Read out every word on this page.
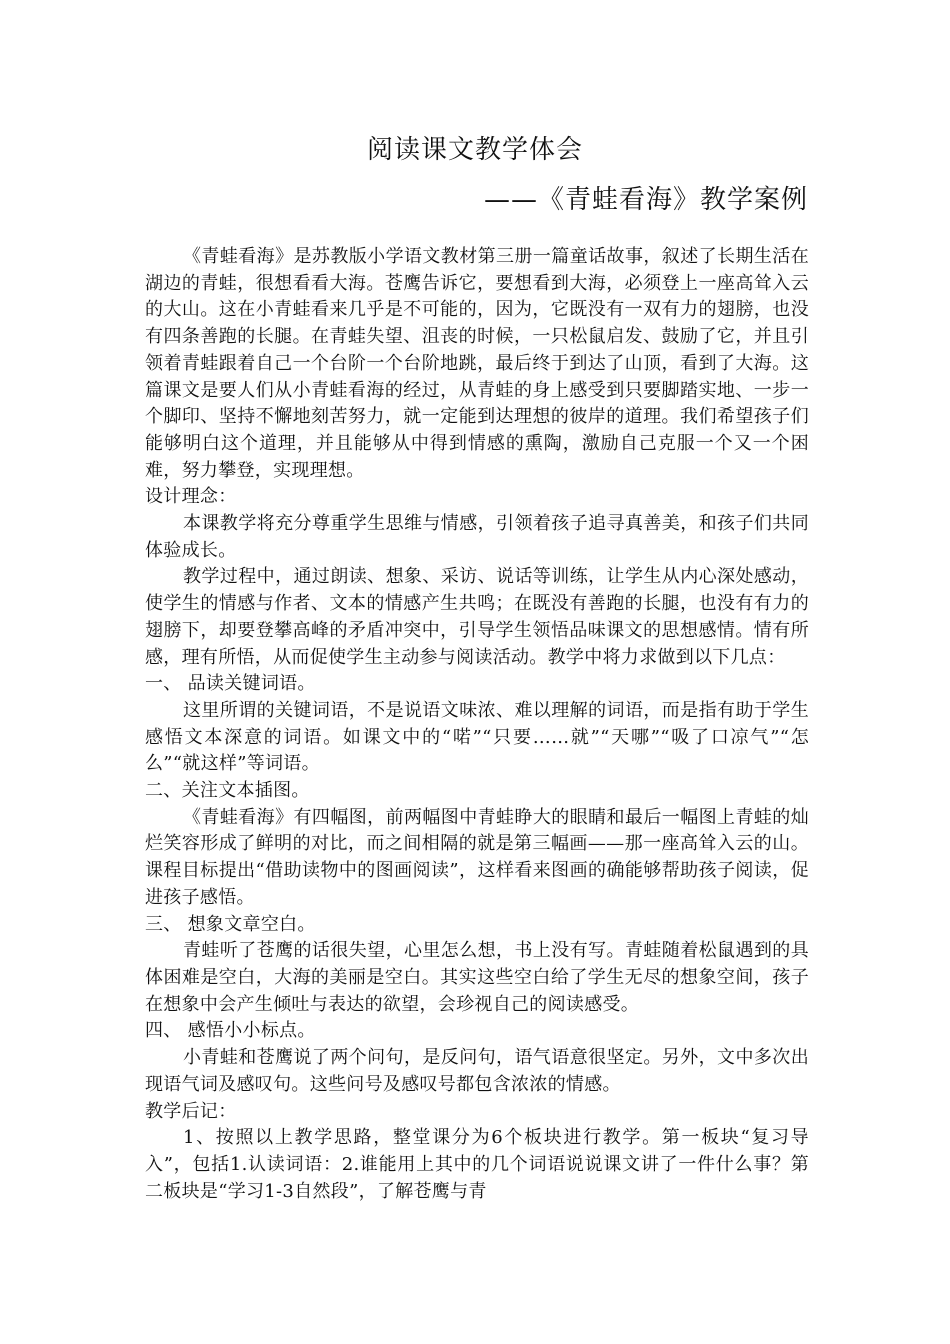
阅读课文教学体会
——《青蛙看海》教学案例

《青蛙看海》是苏教版小学语文教材第三册一篇童话故事，叙述了长期生活在湖边的青蛙，很想看看大海。苍鹰告诉它，要想看到大海，必须登上一座高耸入云的大山。这在小青蛙看来几乎是不可能的，因为，它既没有一双有力的翅膀，也没有四条善跑的长腿。在青蛙失望、沮丧的时候，一只松鼠启发、鼓励了它，并且引领着青蛙跟着自己一个台阶一个台阶地跳，最后终于到达了山顶，看到了大海。这篇课文是要人们从小青蛙看海的经过，从青蛙的身上感受到只要脚踏实地、一步一个脚印、坚持不懈地刻苦努力，就一定能到达理想的彼岸的道理。我们希望孩子们能够明白这个道理，并且能够从中得到情感的熏陶，激励自己克服一个又一个困难，努力攀登，实现理想。

设计理念：

本课教学将充分尊重学生思维与情感，引领着孩子追寻真善美，和孩子们共同体验成长。

教学过程中，通过朗读、想象、采访、说话等训练，让学生从内心深处感动，使学生的情感与作者、文本的情感产生共鸣；在既没有善跑的长腿，也没有有力的翅膀下，却要登攀高峰的矛盾冲突中，引导学生领悟品味课文的思想感情。情有所感，理有所悟，从而促使学生主动参与阅读活动。教学中将力求做到以下几点：

一、 品读关键词语。

这里所谓的关键词语，不是说语文味浓、难以理解的词语，而是指有助于学生感悟文本深意的词语。如课文中的“喏”“只要……就”“天哪”“吸了口凉气”“怎么”“就这样”等词语。

二、关注文本插图。

《青蛙看海》有四幅图，前两幅图中青蛙睁大的眼睛和最后一幅图上青蛙的灿烂笑容形成了鲜明的对比，而之间相隔的就是第三幅画——那一座高耸入云的山。课程目标提出“借助读物中的图画阅读”，这样看来图画的确能够帮助孩子阅读，促进孩子感悟。

三、 想象文章空白。

青蛙听了苍鹰的话很失望，心里怎么想，书上没有写。青蛙随着松鼠遇到的具体困难是空白，大海的美丽是空白。其实这些空白给了学生无尽的想象空间，孩子在想象中会产生倾吐与表达的欲望，会珍视自己的阅读感受。

四、 感悟小小标点。

小青蛙和苍鹰说了两个问句，是反问句，语气语意很坚定。另外，文中多次出现语气词及感叹句。这些问号及感叹号都包含浓浓的情感。

教学后记：

1、按照以上教学思路，整堂课分为6个板块进行教学。第一板块“复习导入”，包括1.认读词语：2.谁能用上其中的几个词语说说课文讲了一件什么事？第二板块是“学习1-3自然段”，了解苍鹰与青
